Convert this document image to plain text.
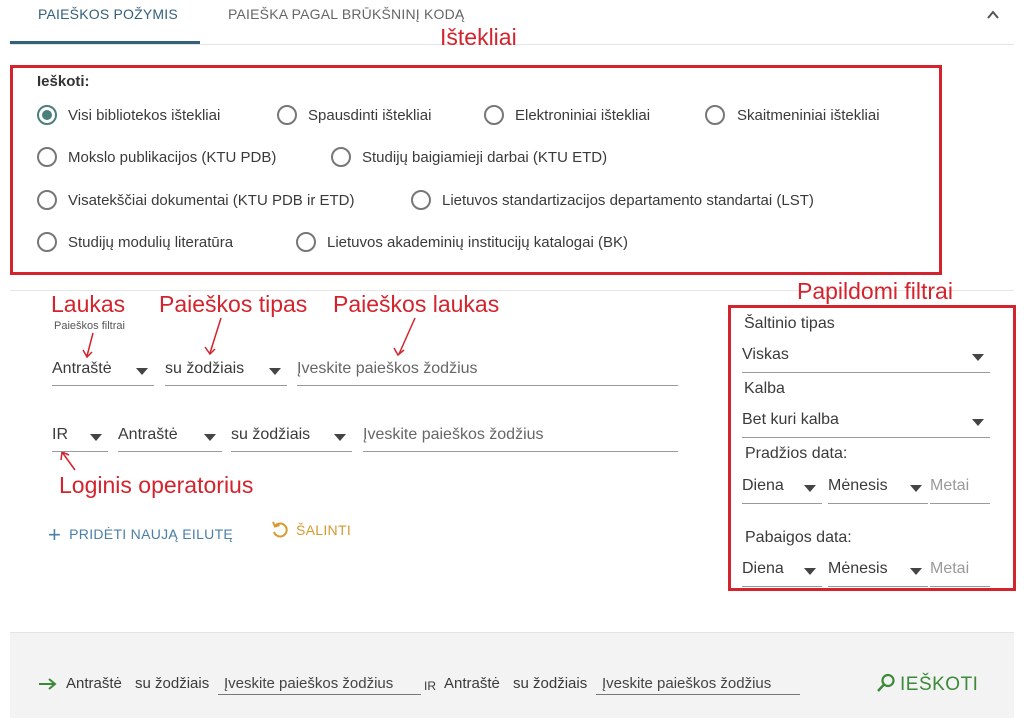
PAIEŠKOS POŽYMIS	PAIEŠKA PAGAL BRŪKŠNINĮ KODĄ
Ištekliai
Ieškoti:
Visi bibliotekos ištekliai	Spausdinti ištekliai	Elektroniniai ištekliai	Skaitmeniniai ištekliai
Mokslo publikacijos (KTU PDB)	Studijų baigiamieji darbai (KTU ETD)
Visatekščiai dokumentai (KTU PDB ir ETD)	Lietuvos standartizacijos departamento standartai (LST)
Studijų modulių literatūra	Lietuvos akademinių institucijų katalogai (BK)
Laukas Paieškos tipas Paieškos laukas
Paieškos filtrai
Antraštė	su žodžiais	Įveskite paieškos žodžius
IR	Antraštė	su žodžiais	Įveskite paieškos žodžius
Loginis operatorius
+ PRIDĖTI NAUJĄ EILUTĘ	ŠALINTI
Papildomi filtrai
Šaltinio tipas
Viskas
Kalba
Bet kuri kalba
Pradžios data:
Diena	Mėnesis	Metai
Pabaigos data:
Diena	Mėnesis	Metai
Antraštė su žodžiais Įveskite paieškos žodžius	IR Antraštė su žodžiais Įveskite paieškos žodžius	IEŠKOTI
